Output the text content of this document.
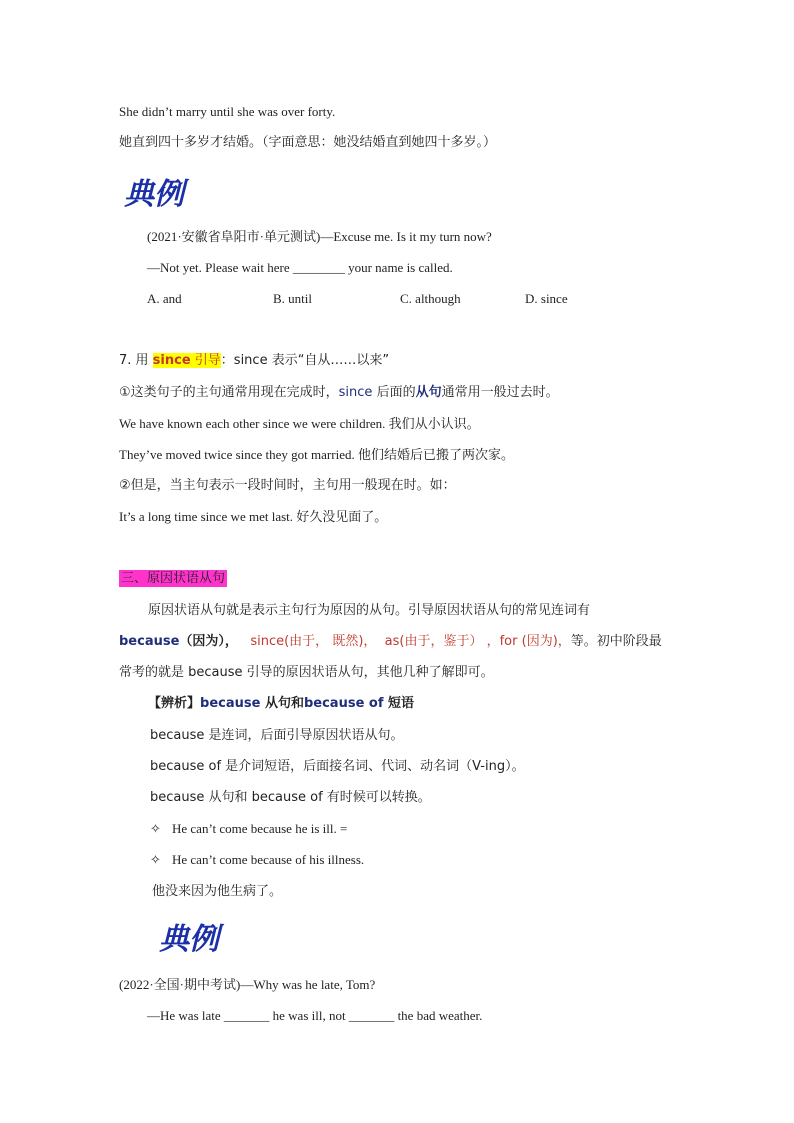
She didn’t marry until she was over forty.
她直到四十多岁才结婚。（字面意思：她没结婚直到她四十多岁。）
典例
(2021·安徽省阜阳市·单元测试)—Excuse me. Is it my turn now?
—Not yet. Please wait here ________ your name is called.
A. and	B. until	C. although	D. since
7. 用 since 引导：since 表示“自从……以来”
①这类句子的主句通常用现在完成时，since 后面的从句通常用一般过去时。
We have known each other since we were children. 我们从小认识。
They’ve moved twice since they got married. 他们结婚后已搬了两次家。
②但是，当主句表示一段时间时，主句用一般现在时。如：
It’s a long time since we met last. 好久没见面了。
三、原因状语从句
原因状语从句就是表示主句行为原因的从句。引导原因状语从句的常见连词有
because（因为）， since(由于， 既然)， as(由于，鉴于） ，for (因为)，等。初中阶段最
常考的就是 because 引导的原因状语从句，其他几种了解即可。
【辨析】because 从句和because of 短语
because 是连词，后面引导原因状语从句。
because of 是介词短语，后面接名词、代词、动名词（V-ing）。
because 从句和 because of 有时候可以转换。
✧ He can’t come because he is ill. =
✧ He can’t come because of his illness.
他没来因为他生病了。
典例
(2022·全国·期中考试)—Why was he late, Tom?
—He was late _______ he was ill, not _______ the bad weather.
